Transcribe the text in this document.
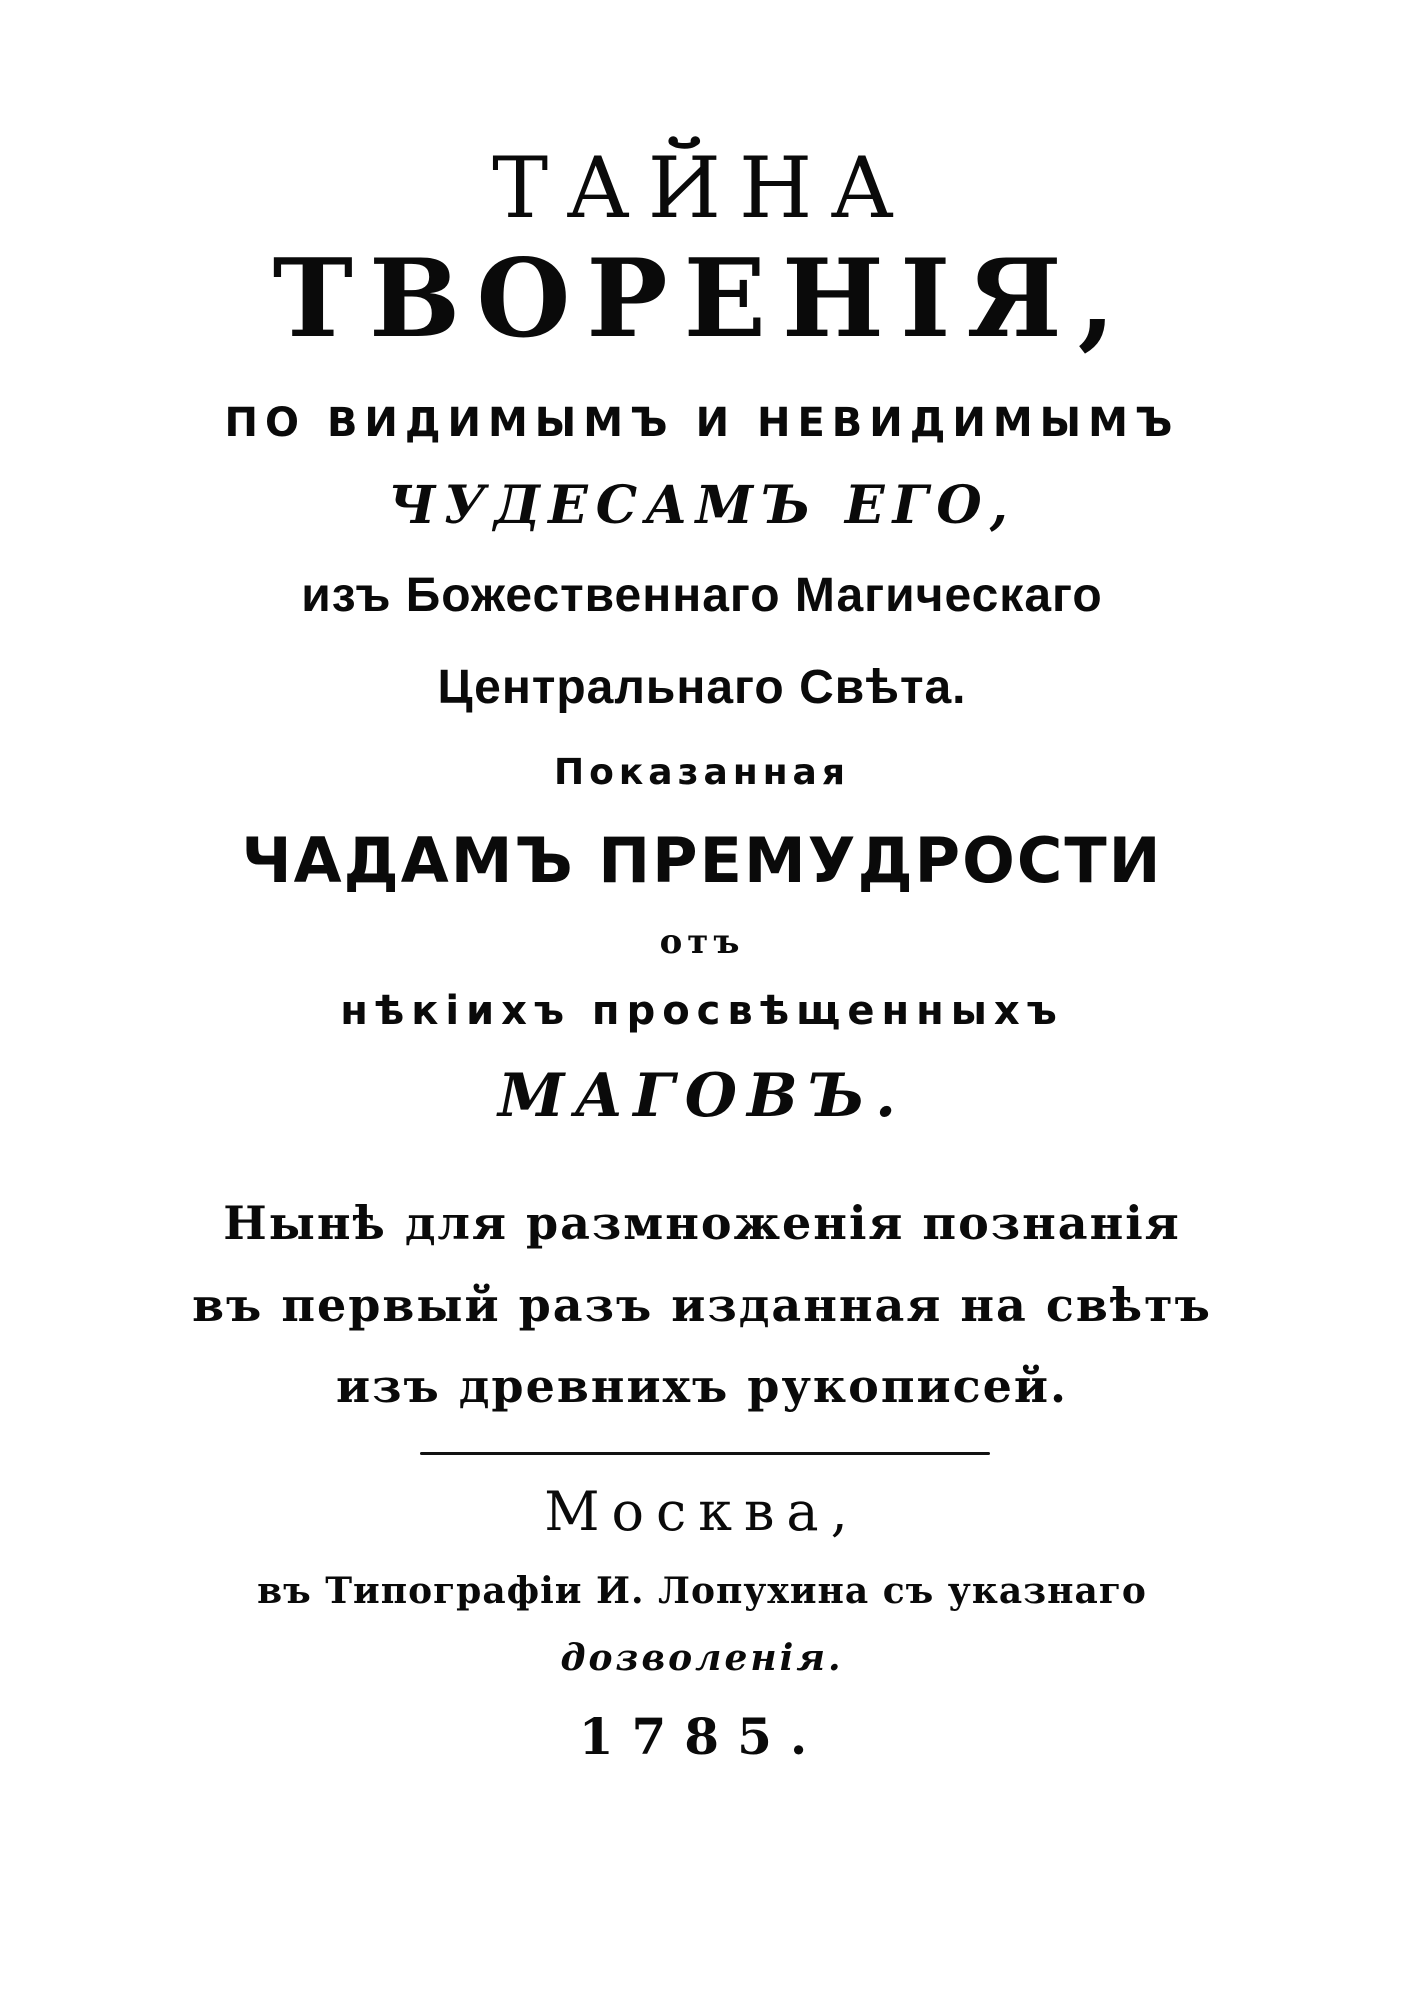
ТАЙНА
ТВОРЕНІЯ,
ПО ВИДИМЫМЪ И НЕВИДИМЫМЪ
ЧУДЕСАМЪ ЕГО,
изъ Божественнаго Магическаго
Центральнаго Свѣта.
Показанная
ЧАДАМЪ ПРЕМУДРОСТИ
отъ
нѣкіихъ просвѣщенныхъ
МАГОВЪ.
Нынѣ для размноженія познанія
въ первый разъ изданная на свѣтъ
изъ древнихъ рукописей.
Москва,
въ Типографіи И. Лопухина съ указнаго
дозволенія.
1785.
